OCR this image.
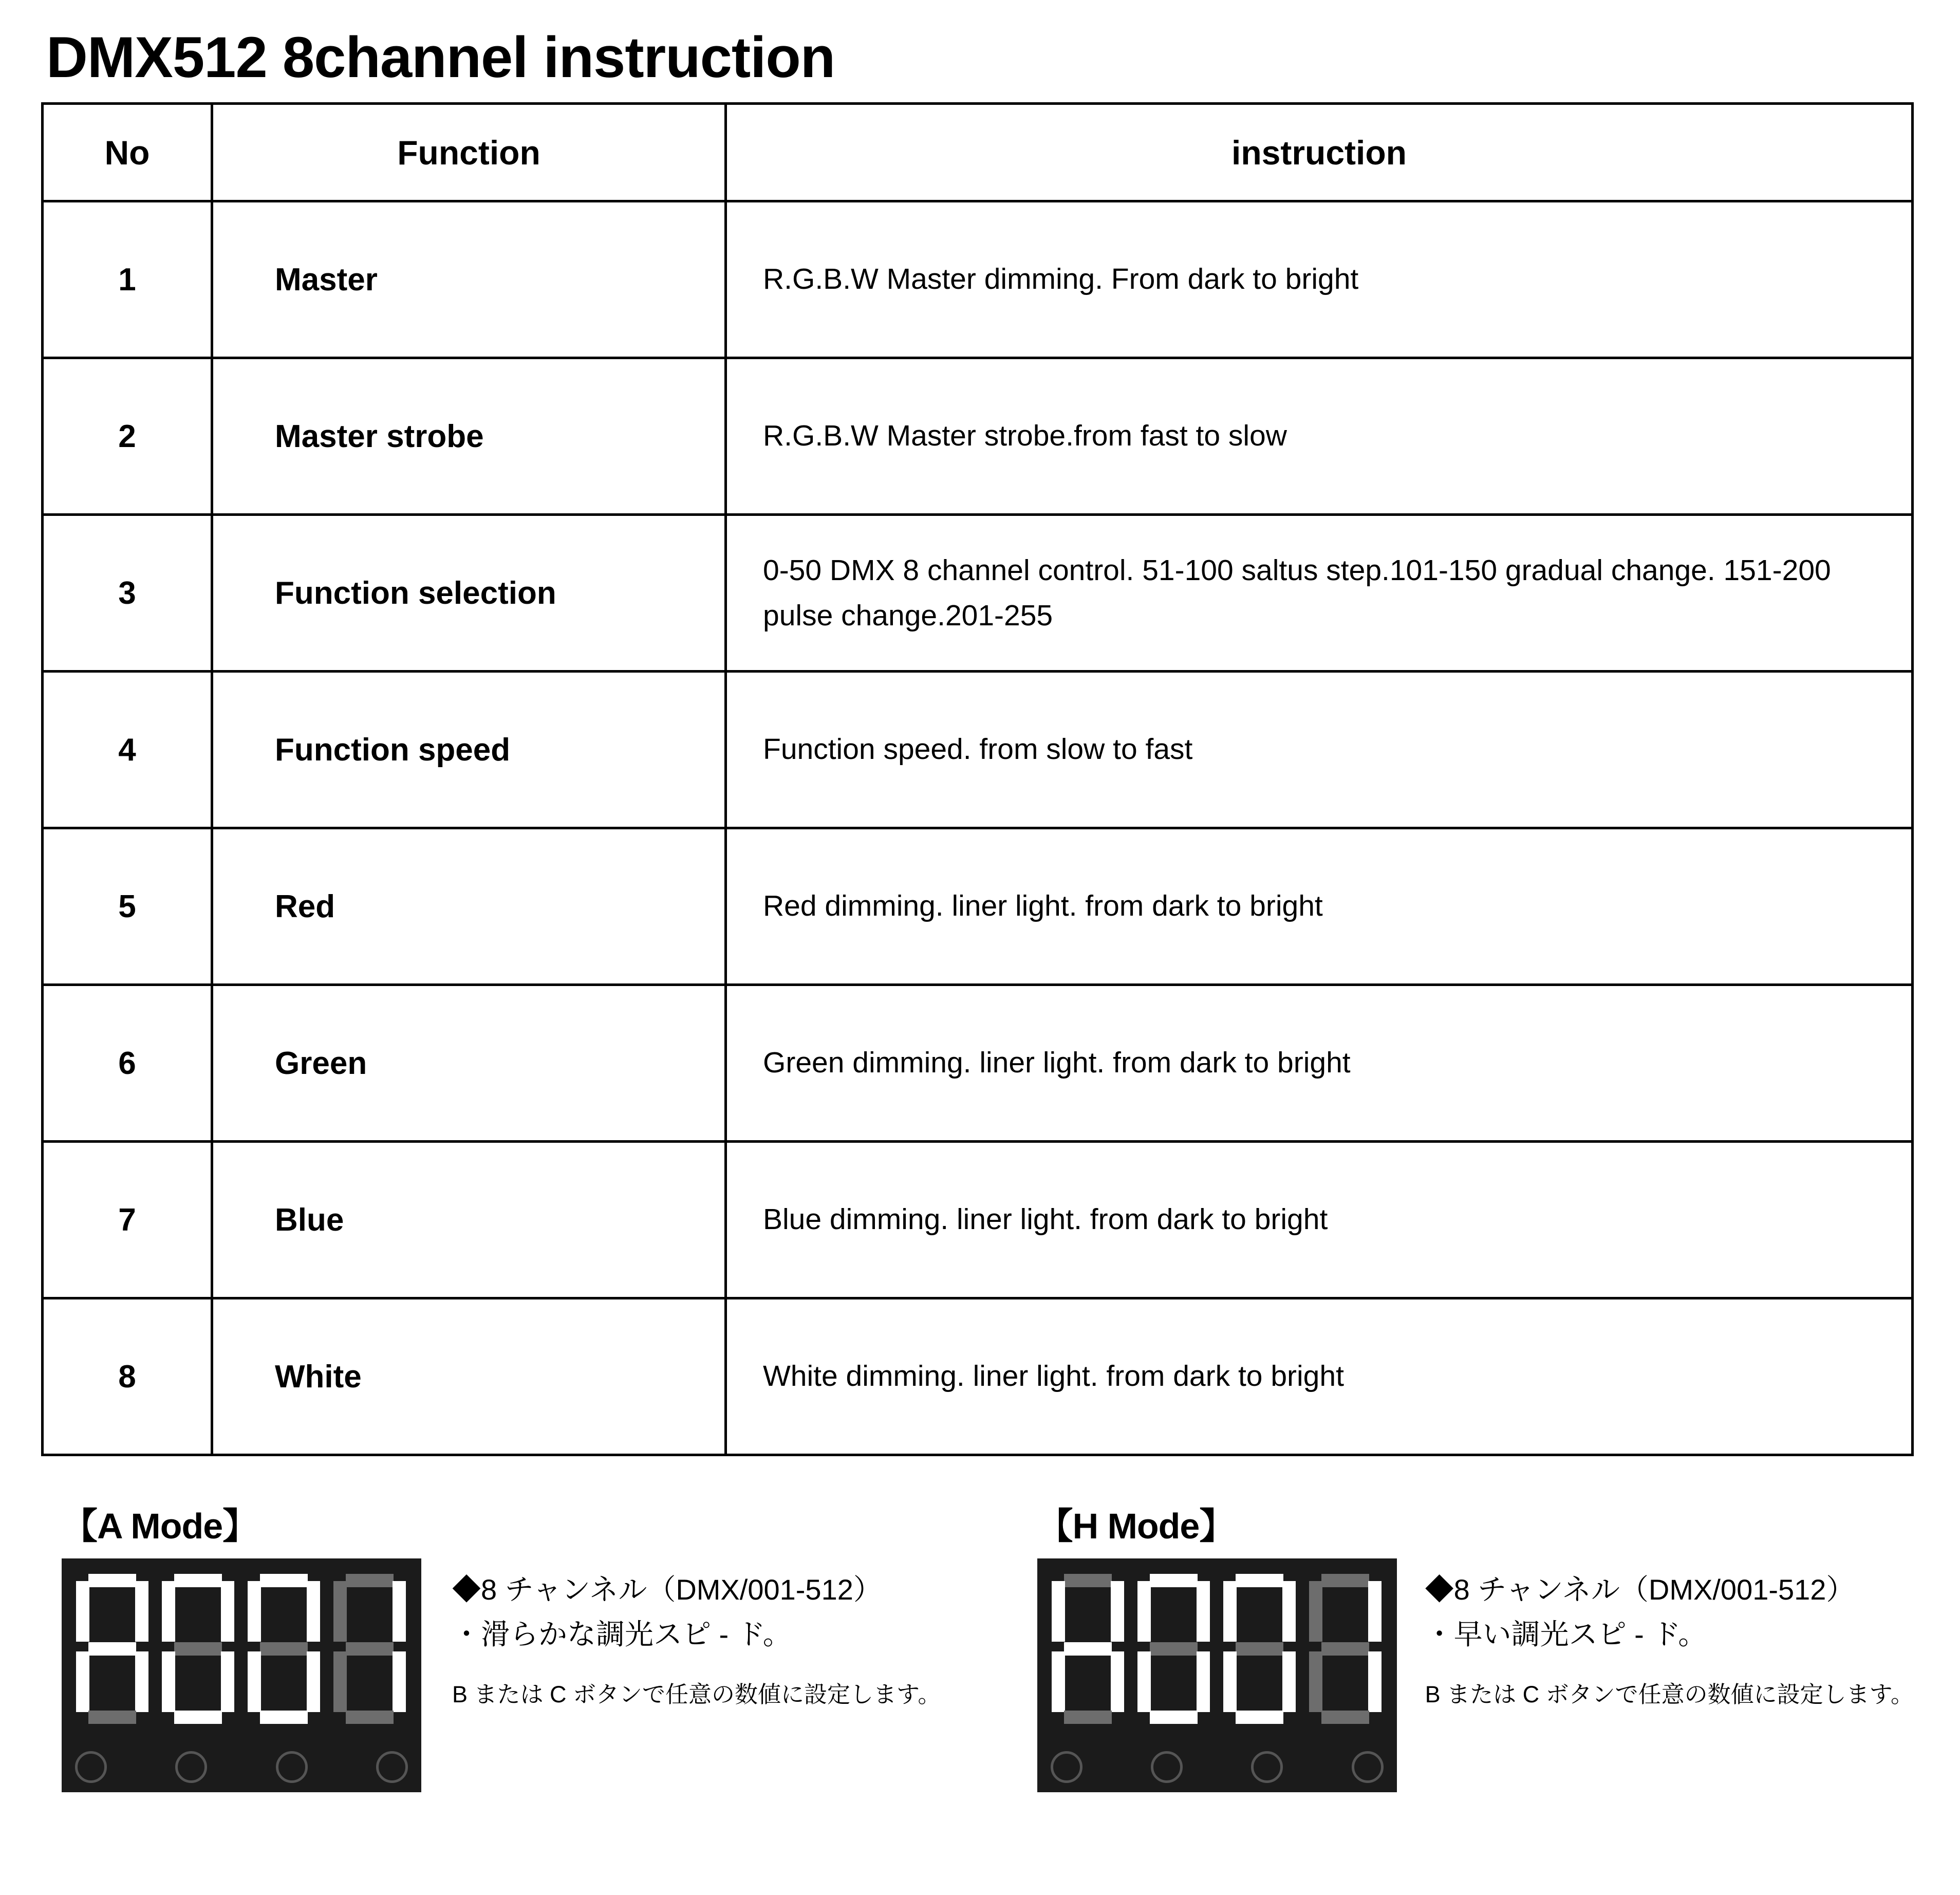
DMX512 8channel instruction
No	Function	instruction
1	Master	R.G.B.W Master dimming. From dark to bright
2	Master strobe	R.G.B.W Master strobe.from fast to slow
3	Function selection	0-50 DMX 8 channel control. 51-100 saltus step.101-150 gradual change. 151-200 pulse change.201-255
4	Function speed	Function speed. from slow to fast
5	Red	Red dimming. liner light. from dark to bright
6	Green	Green dimming. liner light. from dark to bright
7	Blue	Blue dimming. liner light. from dark to bright
8	White	White dimming. liner light. from dark to bright
【A Mode】
◆8 チャンネル（DMX/001-512）
・滑らかな調光スピ - ド。
B または C ボタンで任意の数値に設定します。
【H Mode】
◆8 チャンネル（DMX/001-512）
・早い調光スピ - ド。
B または C ボタンで任意の数値に設定します。
